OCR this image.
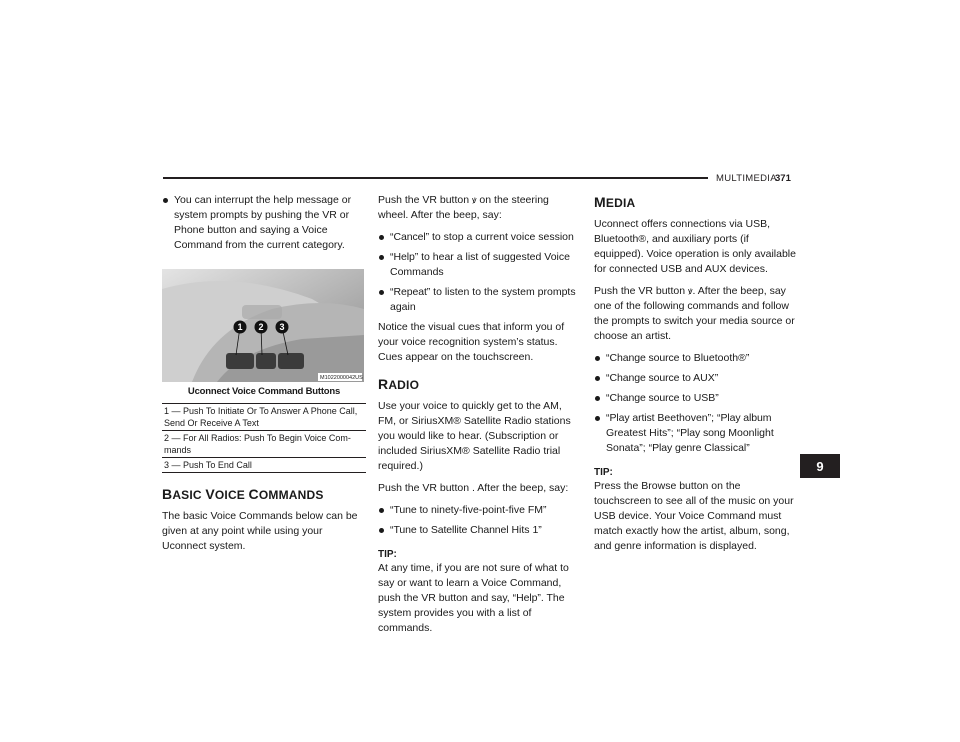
MULTIMEDIA
371
You can interrupt the help message or system prompts by pushing the VR or Phone button and saying a Voice Command from the current category.
1 2 3
M1022000042US
Uconnect Voice Command Buttons
1 — Push To Initiate Or To Answer A Phone Call, Send Or Receive A Text
2 — For All Radios: Push To Begin Voice Com-mands
3 — Push To End Call
BASIC VOICE COMMANDS

The basic Voice Commands below can be given at any point while using your Uconnect system.

Push the VR button ꝟ on the steering wheel. After the beep, say:

“Cancel” to stop a current voice session
“Help” to hear a list of suggested Voice Commands
“Repeat” to listen to the system prompts again

Notice the visual cues that inform you of your voice recognition system’s status. Cues appear on the touchscreen.

RADIO

Use your voice to quickly get to the AM, FM, or SiriusXM® Satellite Radio stations you would like to hear. (Subscription or included SiriusXM® Satellite Radio trial required.)

Push the VR button . After the beep, say:

“Tune to ninety-five-point-five FM”
“Tune to Satellite Channel Hits 1”
TIP:

At any time, if you are not sure of what to say or want to learn a Voice Command, push the VR button and say, “Help”. The system provides you with a list of commands.

MEDIA

Uconnect offers connections via USB, Bluetooth®, and auxiliary ports (if equipped). Voice operation is only available for connected USB and AUX devices.

Push the VR button ꝟ. After the beep, say one of the following commands and follow the prompts to switch your media source or choose an artist.

“Change source to Bluetooth®”
“Change source to AUX”
“Change source to USB”
“Play artist Beethoven”; “Play album Greatest Hits”; “Play song Moonlight Sonata”; “Play genre Classical”
TIP:

Press the Browse button on the touchscreen to see all of the music on your USB device. Your Voice Command must match exactly how the artist, album, song, and genre information is displayed.

9
